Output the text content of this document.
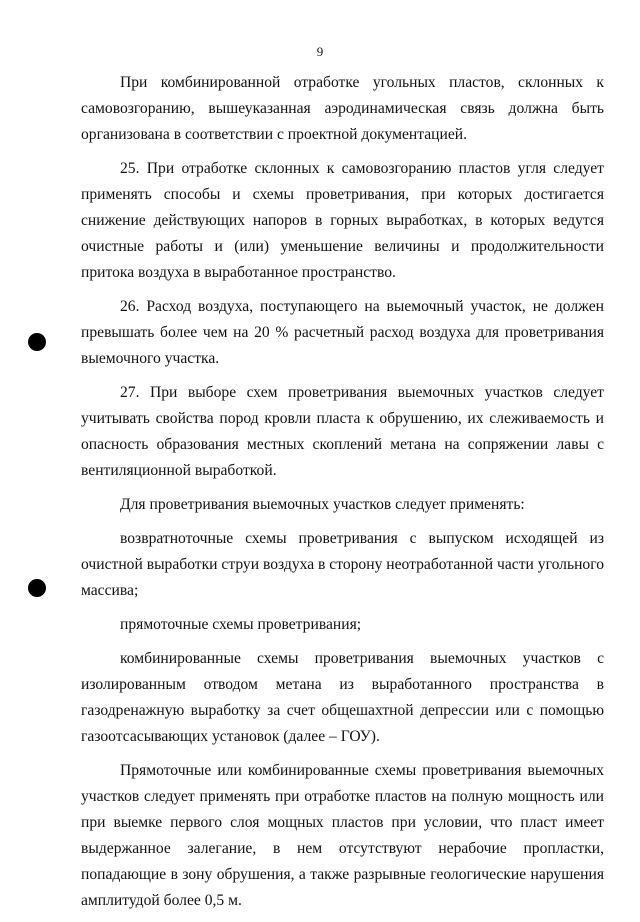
9

При комбинированной отработке угольных пластов, склонных к самовозгоранию, вышеуказанная аэродинамическая связь должна быть организована в соответствии с проектной документацией.

25. При отработке склонных к самовозгоранию пластов угля следует применять способы и схемы проветривания, при которых достигается снижение действующих напоров в горных выработках, в которых ведутся очистные работы и (или) уменьшение величины и продолжительности притока воздуха в выработанное пространство.

26. Расход воздуха, поступающего на выемочный участок, не должен превышать более чем на 20 % расчетный расход воздуха для проветривания выемочного участка.

27. При выборе схем проветривания выемочных участков следует учитывать свойства пород кровли пласта к обрушению, их слеживаемость и опасность образования местных скоплений метана на сопряжении лавы с вентиляционной выработкой.

Для проветривания выемочных участков следует применять:

возвратноточные схемы проветривания с выпуском исходящей из очистной выработки струи воздуха в сторону неотработанной части угольного массива;

прямоточные схемы проветривания;

комбинированные схемы проветривания выемочных участков с изолированным отводом метана из выработанного пространства в газодренажную выработку за счет общешахтной депрессии или с помощью газоотсасывающих установок (далее – ГОУ).

Прямоточные или комбинированные схемы проветривания выемочных участков следует применять при отработке пластов на полную мощность или при выемке первого слоя мощных пластов при условии, что пласт имеет выдержанное залегание, в нем отсутствуют нерабочие пропластки, попадающие в зону обрушения, а также разрывные геологические нарушения амплитудой более 0,5 м.
